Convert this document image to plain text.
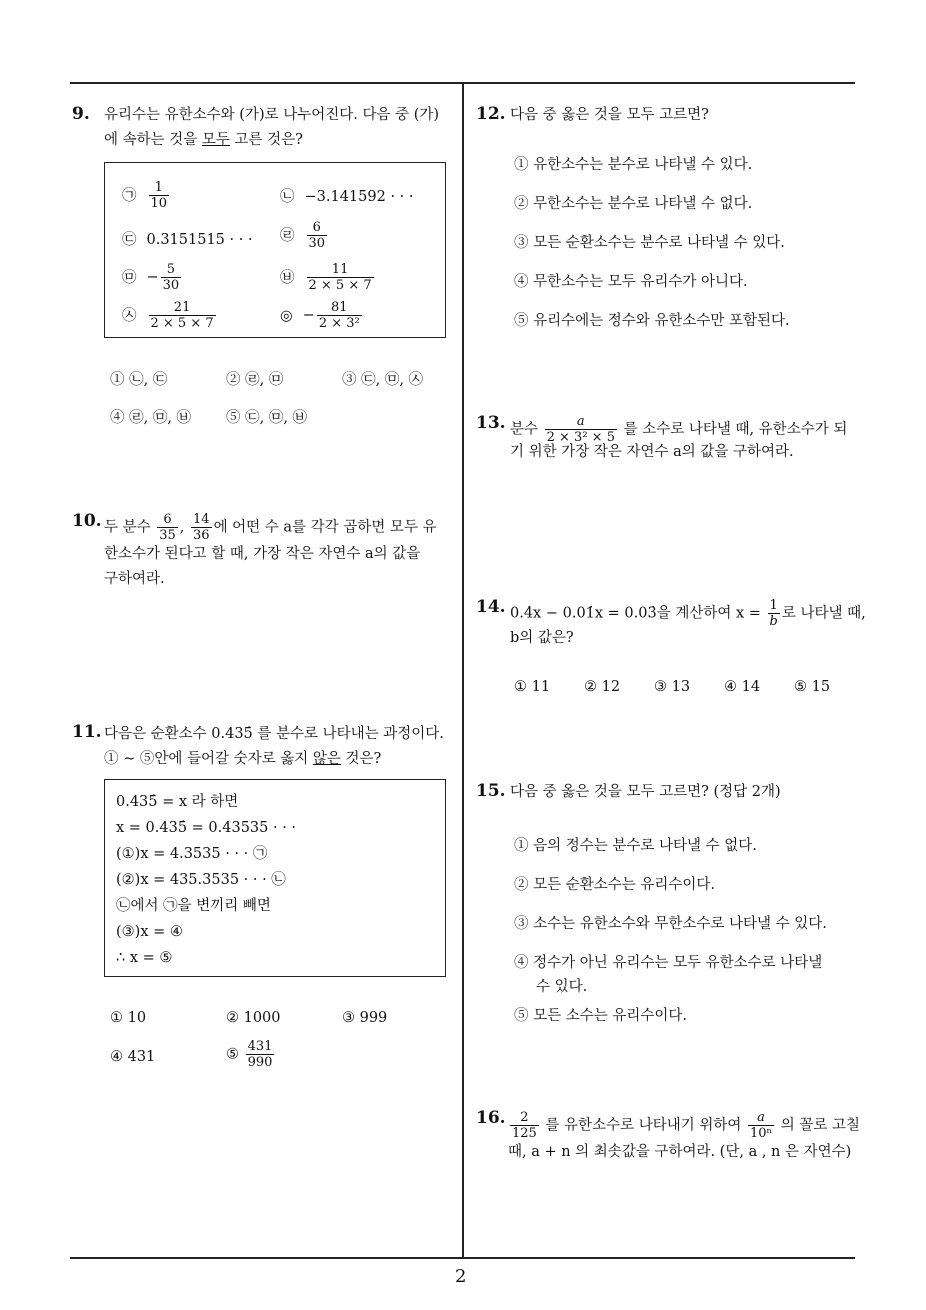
2
9. 유리수는 유한소수와 (가)로 나누어진다. 다음 중 (가)
에 속하는 것을 모두 고른 것은?
㉠ $\frac{1}{10}$	㉡ −3.141592 · · ·
㉢ 0.3151515 · · · ㉣ $\frac{6}{30}$
㉤ − $\frac{5}{30}$	㉥ $\frac{11}{2 \times 5 \times 7}$
㉦ $\frac{21}{2 \times 5 \times 7}$	◎ − $\frac{81}{\text{2 × 3²}}$
① ㉡, ㉢	② ㉣, ㉤	③ ㉢, ㉤, ㉦
④ ㉣, ㉤, ㉥ ⑤ ㉢, ㉤, ㉥
10. 두 분수 $\frac{6}{35}$ , $\frac{14}{36}$ 에 어떤 수 a를 각각 곱하면 모두 유
한소수가 된다고 할 때, 가장 작은 자연수 a의 값을
구하여라.
11. 다음은 순환소수 0.435̇ 를 분수로 나타내는 과정이다.
① ∼ ⑤안에 들어갈 숫자로 옳지 않은 것은?
0.435̇ = x 라 하면
x = 0.435̇ = 0.43535 · · ·
(①)x = 4.3535 · · · ㉠
(②)x = 435.3535 · · · ㉡
㉡에서 ㉠을 변끼리 빼면
(③)x = ④
∴ x = ⑤
① 10	② 1000	③ 999
④ 431	⑤ $\frac{431}{990}$
12. 다음 중 옳은 것을 모두 고르면?
① 유한소수는 분수로 나타낼 수 있다.
② 무한소수는 분수로 나타낼 수 없다.
③ 모든 순환소수는 분수로 나타낼 수 있다.
④ 무한소수는 모두 유리수가 아니다.
⑤ 유리수에는 정수와 유한소수만 포함된다.
13. 분수 $\frac{a}{\text{2 × 3² × 5}}$ 를 소수로 나타낼 때, 유한소수가 되
기 위한 가장 작은 자연수 a의 값을 구하여라.
14. 0.4̇x − 0.01̇x = 0.03̇을 계산하여 $x = \frac{1}{b}$ 로 나타낼 때,
b의 값은?
① 11 ② 12 ③ 13 ④ 14 ⑤ 15
15. 다음 중 옳은 것을 모두 고르면? (정답 2개)
① 음의 정수는 분수로 나타낼 수 없다.
② 모든 순환소수는 유리수이다.
③ 소수는 유한소수와 무한소수로 나타낼 수 있다.
④ 정수가 아닌 유리수는 모두 유한소수로 나타낼
수 있다.
⑤ 모든 소수는 유리수이다.
16. $\frac{2}{125}$ 를 유한소수로 나타내기 위하여 $\frac{a}{\text{10ⁿ}}$ 의 꼴로 고칠
때, a + n 의 최솟값을 구하여라. (단, a , n 은 자연수)
